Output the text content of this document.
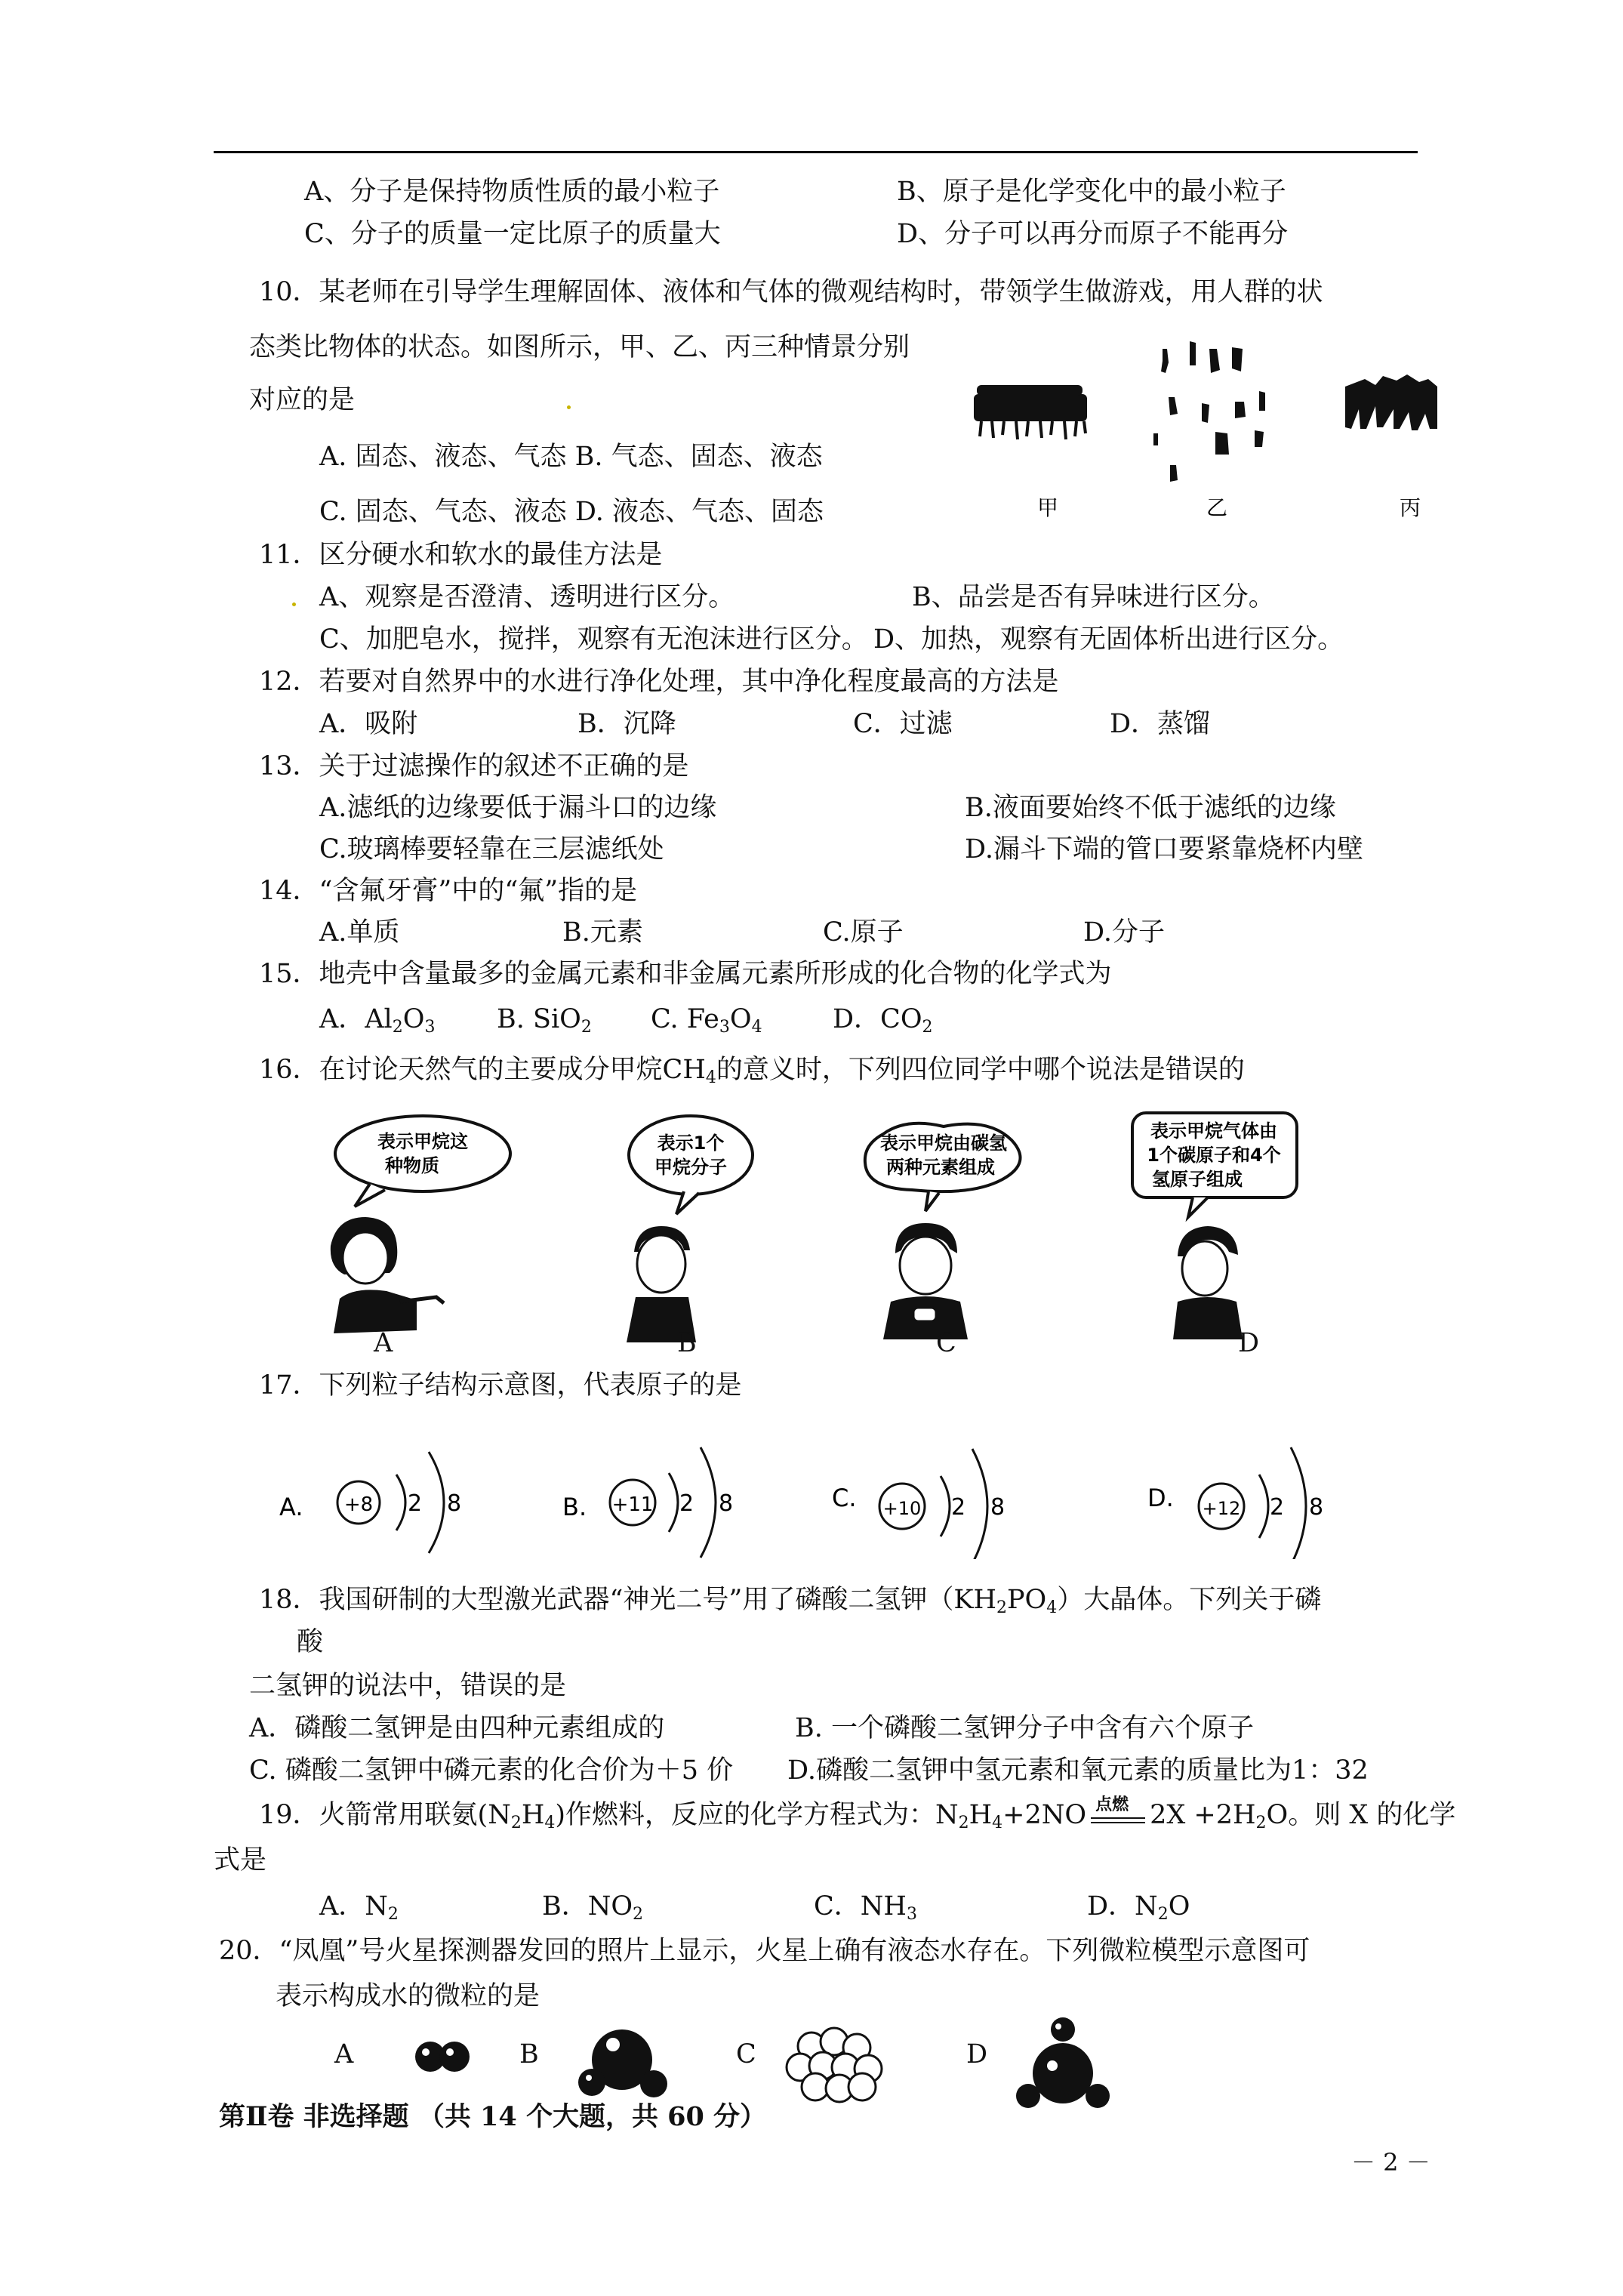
A、分子是保持物质性质的最小粒子	B、原子是化学变化中的最小粒子
C、分子的质量一定比原子的质量大	D、分子可以再分而原子不能再分
10．某老师在引导学生理解固体、液体和气体的微观结构时，带领学生做游戏，用人群的状
态类比物体的状态。如图所示，甲、乙、丙三种情景分别
对应的是
A. 固态、液态、气态 B. 气态、固态、液态
C. 固态、气态、液态 D. 液态、气态、固态	甲	乙	丙
11．区分硬水和软水的最佳方法是
A、观察是否澄清、透明进行区分。	B、品尝是否有异味进行区分。
C、加肥皂水，搅拌，观察有无泡沫进行区分。 D、加热，观察有无固体析出进行区分。
12．若要对自然界中的水进行净化处理，其中净化程度最高的方法是
A．吸附	B．沉降	C．过滤	D．蒸馏
13．关于过滤操作的叙述不正确的是
A.滤纸的边缘要低于漏斗口的边缘	B.液面要始终不低于滤纸的边缘
C.玻璃棒要轻靠在三层滤纸处	D.漏斗下端的管口要紧靠烧杯内壁
14．“含氟牙膏”中的“氟”指的是
A.单质	B.元素	C.原子	D.分子
15．地壳中含量最多的金属元素和非金属元素所形成的化合物的化学式为
A．$Al_2O_3$ B. SiO$_2$ C. $Fe_3O_4$	D．$CO_2$
16．在讨论天然气的主要成分甲烷$CH_4$的意义时，下列四位同学中哪个说法是错误的
表示甲烷这
种物质
表示1个
甲烷分子
表示甲烷由碳氢
两种元素组成
表示甲烷气体由
1个碳原子和4个
氢原子组成
A	B	C	D
17．下列粒子结构示意图，代表原子的是
A. +8 2 8	B. +11 2 8	C. +10 2 8	D. +12 2 8
18．我国研制的大型激光武器“神光二号”用了磷酸二氢钾$(KH_2PO_4)$大晶体。下列关于磷
酸
二氢钾的说法中，错误的是
A．磷酸二氢钾是由四种元素组成的	B. 一个磷酸二氢钾分子中含有六个原子
C. 磷酸二氢钾中磷元素的化合价为＋5 价 D.磷酸二氢钾中氢元素和氧元素的质量比为1：32
19．火箭常用联氨$(N_2H_4)$作燃料，反应的化学方程式为：$N_2H_4+2NO$ 点燃 $2X +2H_2O$。则 X 的化学
式是
A．$N_2$	B．$NO_2$	C．$NH_3$	D．$N_2O$
20．“凤凰”号火星探测器发回的照片上显示，火星上确有液态水存在。下列微粒模型示意图可
表示构成水的微粒的是
A	B	C	D
第Ⅱ卷 非选择题 （共 14 个大题，共 60 分）
－ 2 －
